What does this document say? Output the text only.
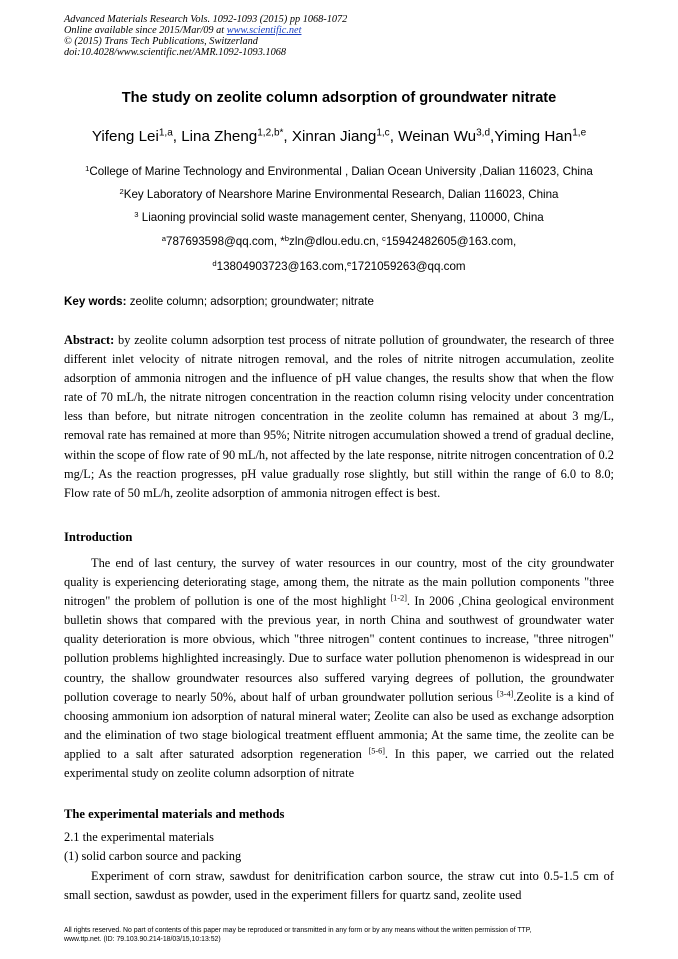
Advanced Materials Research Vols. 1092-1093 (2015) pp 1068-1072
Online available since 2015/Mar/09 at www.scientific.net
© (2015) Trans Tech Publications, Switzerland
doi:10.4028/www.scientific.net/AMR.1092-1093.1068
The study on zeolite column adsorption of groundwater nitrate
Yifeng Lei$^{1,a}$, Lina Zheng$^{1,2,b*}$, Xinran Jiang$^{1,c}$, Weinan Wu$^{3,d}$,Yiming Han$^{1,e}$
$^1$College of Marine Technology and Environmental , Dalian Ocean University ,Dalian 116023, China
$^2$Key Laboratory of Nearshore Marine Environmental Research, Dalian 116023, China
$^3$ Liaoning provincial solid waste management center, Shenyang, 110000, China
$^a$787693598@qq.com, *$^b$zln@dlou.edu.cn, $^c$15942482605@163.com,
$^d$13804903723@163.com,$^e$1721059263@qq.com
Key words: zeolite column; adsorption; groundwater; nitrate
Abstract: by zeolite column adsorption test process of nitrate pollution of groundwater, the research of three different inlet velocity of nitrate nitrogen removal, and the roles of nitrite nitrogen accumulation, zeolite adsorption of ammonia nitrogen and the influence of pH value changes, the results show that when the flow rate of 70 mL/h, the nitrate nitrogen concentration in the reaction column rising velocity under concentration less than before, but nitrate nitrogen concentration in the zeolite column has remained at about 3 mg/L, removal rate has remained at more than 95%; Nitrite nitrogen accumulation showed a trend of gradual decline, within the scope of flow rate of 90 mL/h, not affected by the late response, nitrite nitrogen concentration of 0.2 mg/L; As the reaction progresses, pH value gradually rose slightly, but still within the range of 6.0 to 8.0; Flow rate of 50 mL/h, zeolite adsorption of ammonia nitrogen effect is best.
Introduction
The end of last century, the survey of water resources in our country, most of the city groundwater quality is experiencing deteriorating stage, among them, the nitrate as the main pollution components "three nitrogen" the problem of pollution is one of the most highlight [1-2]. In 2006 ,China geological environment bulletin shows that compared with the previous year, in north China and southwest of groundwater water quality deterioration is more obvious, which "three nitrogen" content continues to increase, "three nitrogen" pollution problems highlighted increasingly. Due to surface water pollution phenomenon is widespread in our country, the shallow groundwater resources also suffered varying degrees of pollution, the groundwater pollution coverage to nearly 50%, about half of urban groundwater pollution serious [3-4].Zeolite is a kind of choosing ammonium ion adsorption of natural mineral water; Zeolite can also be used as exchange adsorption and the elimination of two stage biological treatment effluent ammonia; At the same time, the zeolite can be applied to a salt after saturated adsorption regeneration [5-6]. In this paper, we carried out the related experimental study on zeolite column adsorption of nitrate
The experimental materials and methods
2.1 the experimental materials
(1) solid carbon source and packing
Experiment of corn straw, sawdust for denitrification carbon source, the straw cut into 0.5-1.5 cm of small section, sawdust as powder, used in the experiment fillers for quartz sand, zeolite used
All rights reserved. No part of contents of this paper may be reproduced or transmitted in any form or by any means without the written permission of TTP,
www.ttp.net. (ID: 79.103.90.214-18/03/15,10:13:52)
